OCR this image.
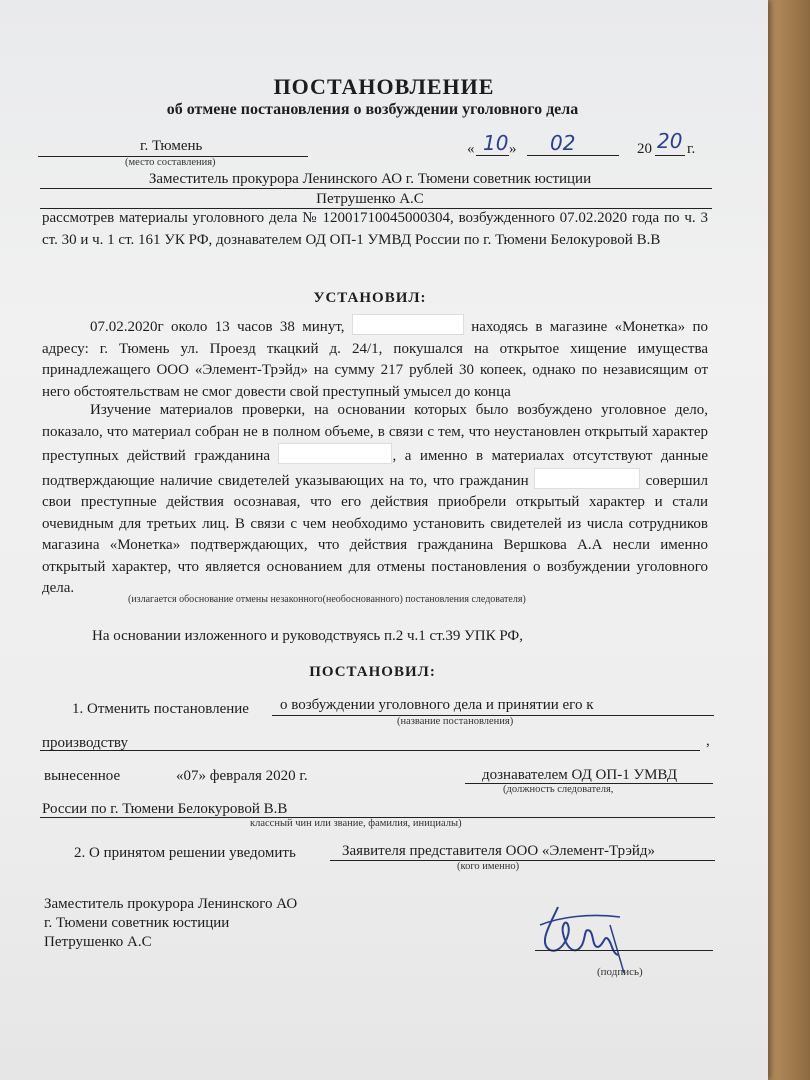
ПОСТАНОВЛЕНИЕ
об отмене постановления о возбуждении уголовного дела
г. Тюмень
(место составления)
« 10 » 02	20 20 г.
Заместитель прокурора Ленинского АО г. Тюмени советник юстиции
Петрушенко А.С
рассмотрев материалы уголовного дела № 12001710045000304, возбужденного 07.02.2020 года по ч. 3 ст. 30 и ч. 1 ст. 161 УК РФ, дознавателем ОД ОП-1 УМВД России по г. Тюмени Белокуровой В.В
УСТАНОВИЛ:
07.02.2020г около 13 часов 38 минут,	находясь в магазине «Монетка» по адресу: г. Тюмень ул. Проезд ткацкий д. 24/1, покушался на открытое хищение имущества принадлежащего ООО «Элемент-Трэйд» на сумму 217 рублей 30 копеек, однако по независящим от него обстоятельствам не смог довести свой преступный умысел до конца
Изучение материалов проверки, на основании которых было возбуждено уголовное дело, показало, что материал собран не в полном объеме, в связи с тем, что неустановлен открытый характер преступных действий гражданина	, а именно в материалах отсутствуют данные подтверждающие наличие свидетелей указывающих на то, что гражданин	совершил свои преступные действия осознавая, что его действия приобрели открытый характер и стали очевидным для третьих лиц. В связи с чем необходимо установить свидетелей из числа сотрудников магазина «Монетка» подтверждающих, что действия гражданина Вершкова А.А несли именно открытый характер, что является основанием для отмены постановления о возбуждении уголовного дела.
(излагается обоснование отмены незаконного(необоснованного) постановления следователя)
На основании изложенного и руководствуясь п.2 ч.1 ст.39 УПК РФ,
ПОСТАНОВИЛ:
1. Отменить постановление о возбуждении уголовного дела и принятии его к
(название постановления)
производству	,
вынесенное	«07» февраля 2020 г.	дознавателем ОД ОП-1 УМВД
(должность следователя,
России по г. Тюмени Белокуровой В.В
классный чин или звание, фамилия, инициалы)
2. О принятом решении уведомить	Заявителя представителя ООО «Элемент-Трэйд»
(кого именно)
Заместитель прокурора Ленинского АО
г. Тюмени советник юстиции
Петрушенко А.С
(подпись)
